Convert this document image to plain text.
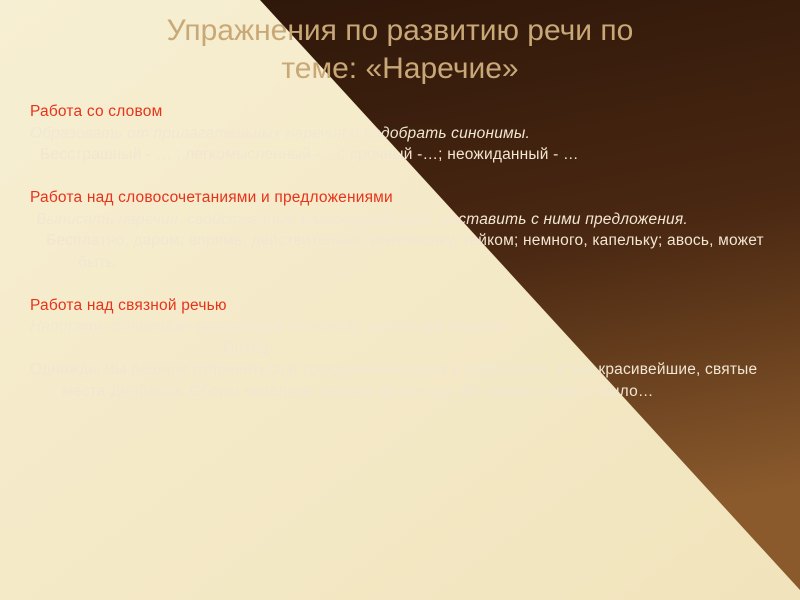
Упражнения по развитию речи по
теме: «Наречие»

Работа со словом

Образовать от прилагательных наречия и подобрать синонимы.

Бесстрашный - … ; легкомысленный -….; срочный -…; неожиданный - …

Работа над словосочетаниями и предложениями

Выписать наречия, свойственные разговорной речи, составить с ними предложения.

Бесплатно, даром; впрямь, действительно; втихомолку, тайком; немного, капельку; авось, может быть.

Работа над связной речью

Написать сочинение- миниатюру по началу, используя наречия

Поход

Однажды мы решили отправиться в трёхдневный поход в Святогорье, в эти красивейшие, святые места Донбасса. Сборы начались задолго до похода. Во-первых, нужно было…
